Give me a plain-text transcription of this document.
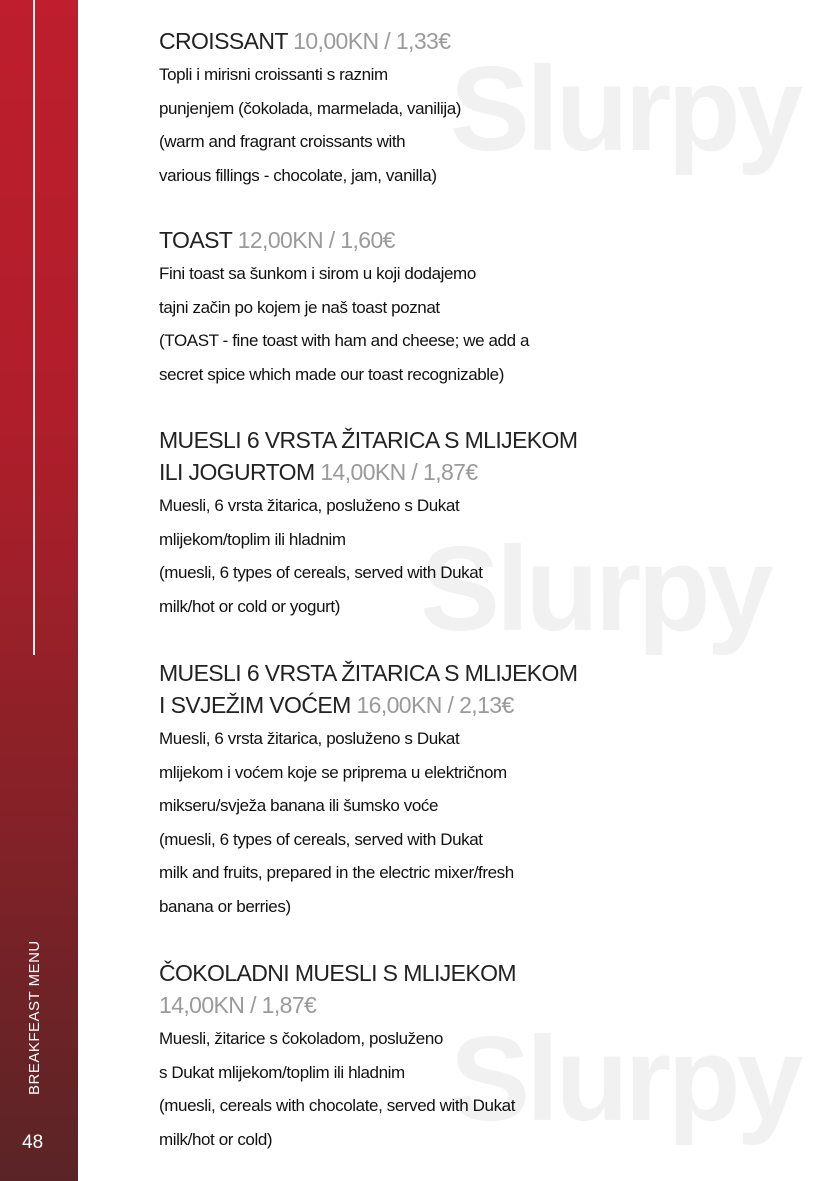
BREAKFEAST MENU
48
Slurpy
Slurpy
Slurpy
CROISSANT 10,00KN / 1,33€
Topli i mirisni croissanti s raznim
punjenjem (čokolada, marmelada, vanilija)
(warm and fragrant croissants with
various fillings - chocolate, jam, vanilla)
TOAST 12,00KN / 1,60€
Fini toast sa šunkom i sirom u koji dodajemo
tajni začin po kojem je naš toast poznat
(TOAST - fine toast with ham and cheese; we add a
secret spice which made our toast recognizable)
MUESLI 6 VRSTA ŽITARICA S MLIJEKOM
ILI JOGURTOM 14,00KN / 1,87€
Muesli, 6 vrsta žitarica, posluženo s Dukat
mlijekom/toplim ili hladnim
(muesli, 6 types of cereals, served with Dukat
milk/hot or cold or yogurt)
MUESLI 6 VRSTA ŽITARICA S MLIJEKOM
I SVJEŽIM VOĆEM 16,00KN / 2,13€
Muesli, 6 vrsta žitarica, posluženo s Dukat
mlijekom i voćem koje se priprema u električnom
mikseru/svježa banana ili šumsko voće
(muesli, 6 types of cereals, served with Dukat
milk and fruits, prepared in the electric mixer/fresh
banana or berries)
ČOKOLADNI MUESLI S MLIJEKOM
14,00KN / 1,87€
Muesli, žitarice s čokoladom, posluženo
s Dukat mlijekom/toplim ili hladnim
(muesli, cereals with chocolate, served with Dukat
milk/hot or cold)
